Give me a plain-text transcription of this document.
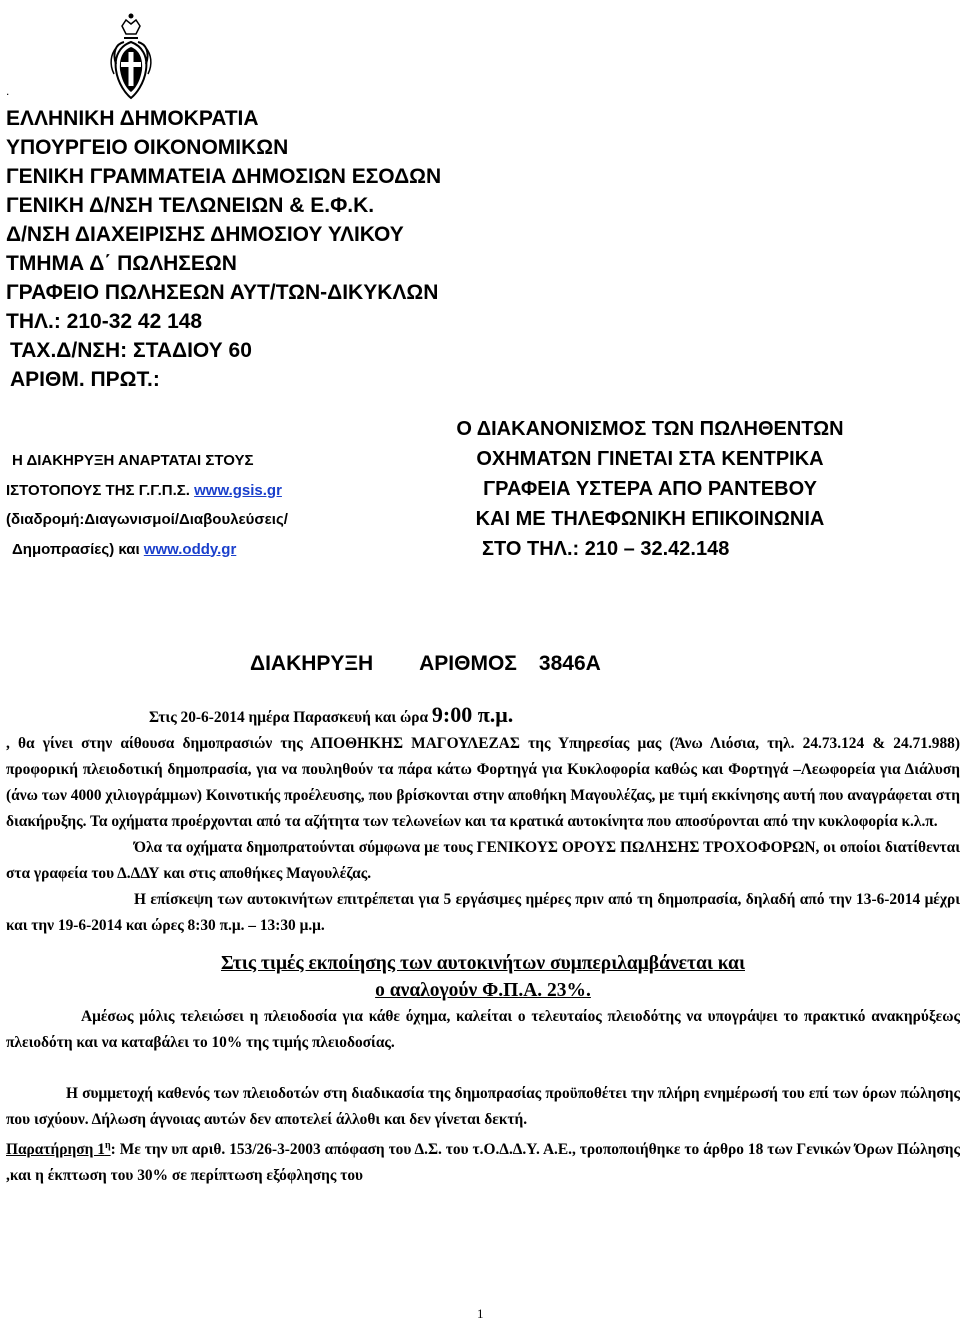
.
ΕΛΛΗΝΙΚΗ ΔΗΜΟΚΡΑΤΙΑ
ΥΠΟΥΡΓΕΙΟ ΟΙΚΟΝΟΜΙΚΩΝ
ΓΕΝΙΚΗ ΓΡΑΜΜΑΤΕΙΑ ΔΗΜΟΣΙΩΝ ΕΣΟΔΩΝ
ΓΕΝΙΚΗ Δ/ΝΣΗ ΤΕΛΩΝΕΙΩΝ & Ε.Φ.Κ.
Δ/ΝΣΗ ΔΙΑΧΕΙΡΙΣΗΣ ΔΗΜΟΣΙΟΥ ΥΛΙΚΟΥ
ΤΜΗΜΑ Δ΄ ΠΩΛΗΣΕΩΝ
ΓΡΑΦΕΙΟ ΠΩΛΗΣΕΩΝ ΑΥΤ/ΤΩΝ-ΔΙΚΥΚΛΩΝ
ΤΗΛ.: 210-32 42 148
ΤΑΧ.Δ/ΝΣΗ: ΣΤΑΔΙΟΥ 60
ΑΡΙΘΜ. ΠΡΩΤ.:
Η ΔΙΑΚΗΡΥΞΗ ΑΝΑΡΤΑΤΑΙ ΣΤΟΥΣ
ΙΣΤΟΤΟΠΟΥΣ ΤΗΣ Γ.Γ.Π.Σ. www.gsis.gr
(διαδρομή:Διαγωνισμοί/Διαβουλεύσεις/
Δημοπρασίες) και www.oddy.gr
Ο ΔΙΑΚΑΝΟΝΙΣΜΟΣ ΤΩΝ ΠΩΛΗΘΕΝΤΩΝ
ΟΧΗΜΑΤΩΝ ΓΙΝΕΤΑΙ ΣΤΑ ΚΕΝΤΡΙΚΑ
ΓΡΑΦΕΙΑ ΥΣΤΕΡΑ ΑΠΟ ΡΑΝΤΕΒΟΥ
ΚΑΙ ΜΕ ΤΗΛΕΦΩΝΙΚΗ ΕΠΙΚΟΙΝΩΝΙΑ
ΣΤΟ ΤΗΛ.: 210 – 32.42.148
ΔΙΑΚΗΡΥΞΗ ΑΡΙΘΜΟΣ 3846Α

Στις 20-6-2014 ημέρα Παρασκευή και ώρα 9:00 π.μ.
, θα γίνει στην αίθουσα δημοπρασιών της ΑΠΟΘΗΚΗΣ ΜΑΓΟΥΛΕΖΑΣ της Υπηρεσίας μας (Άνω Λιόσια, τηλ. 24.73.124 & 24.71.988) προφορική πλειοδοτική δημοπρασία, για να πουληθούν τα πάρα κάτω Φορτηγά για Κυκλοφορία καθώς και Φορτηγά –Λεωφορεία για Διάλυση (άνω των 4000 χιλιογράμμων) Κοινοτικής προέλευσης, που βρίσκονται στην αποθήκη Μαγουλέζας, με τιμή εκκίνησης αυτή που αναγράφεται στη διακήρυξης. Τα οχήματα προέρχονται από τα αζήτητα των τελωνείων και τα κρατικά αυτοκίνητα που αποσύρονται από την κυκλοφορία κ.λ.π.

Όλα τα οχήματα δημοπρατούνται σύμφωνα με τους ΓΕΝΙΚΟΥΣ ΟΡΟΥΣ ΠΩΛΗΣΗΣ ΤΡΟΧΟΦΟΡΩΝ, οι οποίοι διατίθενται στα γραφεία του Δ.ΔΔΥ και στις αποθήκες Μαγουλέζας.

Η επίσκεψη των αυτοκινήτων επιτρέπεται για 5 εργάσιμες ημέρες πριν από τη δημοπρασία, δηλαδή από την 13-6-2014 μέχρι και την 19-6-2014 και ώρες 8:30 π.μ. – 13:30 μ.μ.

Στις τιμές εκποίησης των αυτοκινήτων συμπεριλαμβάνεται και
ο αναλογούν Φ.Π.Α. 23%.

Αμέσως μόλις τελειώσει η πλειοδοσία για κάθε όχημα, καλείται ο τελευταίος πλειοδότης να υπογράψει το πρακτικό ανακηρύξεως πλειοδότη και να καταβάλει το 10% της τιμής πλειοδοσίας.

Η συμμετοχή καθενός των πλειοδοτών στη διαδικασία της δημοπρασίας προϋποθέτει την πλήρη ενημέρωσή του επί των όρων πώλησης που ισχύουν. Δήλωση άγνοιας αυτών δεν αποτελεί άλλοθι και δεν γίνεται δεκτή.

Παρατήρηση $1^\eta$: Με την υπ αριθ. 153/26-3-2003 απόφαση του Δ.Σ. του τ.Ο.Δ.Δ.Υ. Α.Ε., τροποποιήθηκε το άρθρο 18 των Γενικών Όρων Πώλησης ,και η έκπτωση του 30% σε περίπτωση εξόφλησης του

1
